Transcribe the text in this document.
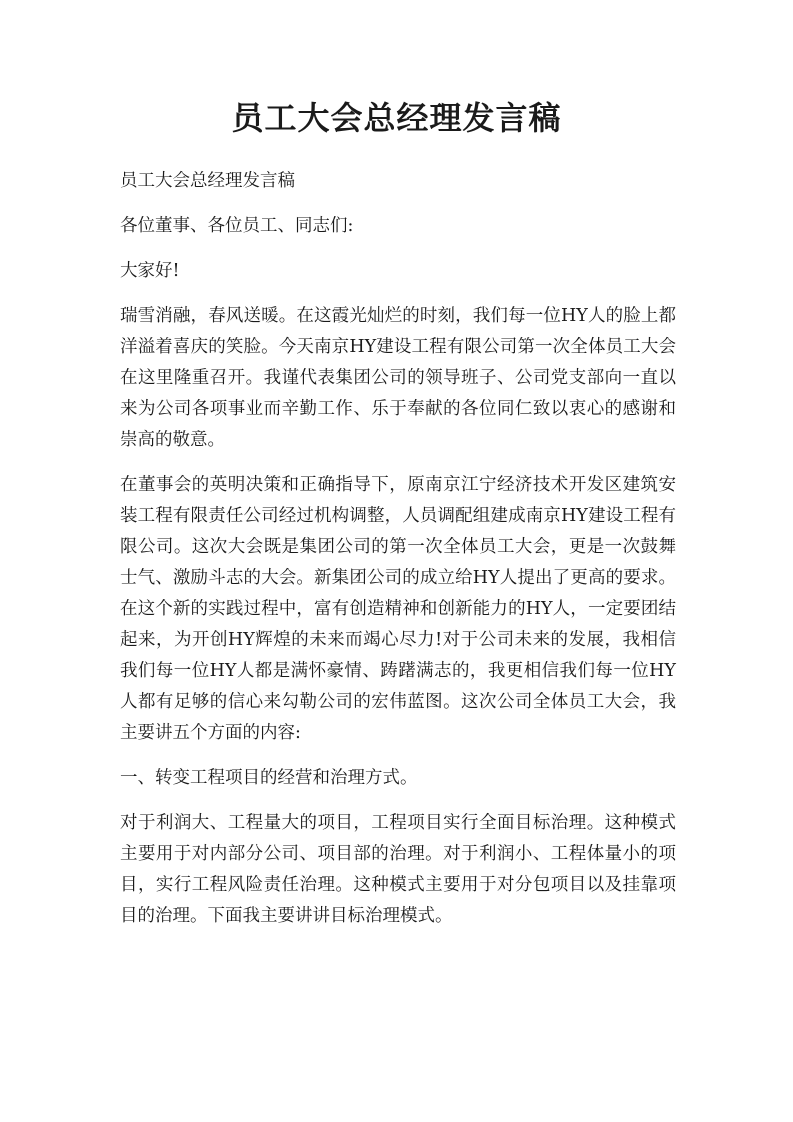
员工大会总经理发言稿

员工大会总经理发言稿

各位董事、各位员工、同志们:

大家好!

瑞雪消融，春风送暖。在这霞光灿烂的时刻，我们每一位HY人的脸上都洋溢着喜庆的笑脸。今天南京HY建设工程有限公司第一次全体员工大会在这里隆重召开。我谨代表集团公司的领导班子、公司党支部向一直以来为公司各项事业而辛勤工作、乐于奉献的各位同仁致以衷心的感谢和崇高的敬意。

在董事会的英明决策和正确指导下，原南京江宁经济技术开发区建筑安装工程有限责任公司经过机构调整，人员调配组建成南京HY建设工程有限公司。这次大会既是集团公司的第一次全体员工大会，更是一次鼓舞士气、激励斗志的大会。新集团公司的成立给HY人提出了更高的要求。在这个新的实践过程中，富有创造精神和创新能力的HY人，一定要团结起来，为开创HY辉煌的未来而竭心尽力!对于公司未来的发展，我相信我们每一位HY人都是满怀豪情、踌躇满志的，我更相信我们每一位HY人都有足够的信心来勾勒公司的宏伟蓝图。这次公司全体员工大会，我主要讲五个方面的内容:

一、转变工程项目的经营和治理方式。

对于利润大、工程量大的项目，工程项目实行全面目标治理。这种模式主要用于对内部分公司、项目部的治理。对于利润小、工程体量小的项目，实行工程风险责任治理。这种模式主要用于对分包项目以及挂靠项目的治理。下面我主要讲讲目标治理模式。
